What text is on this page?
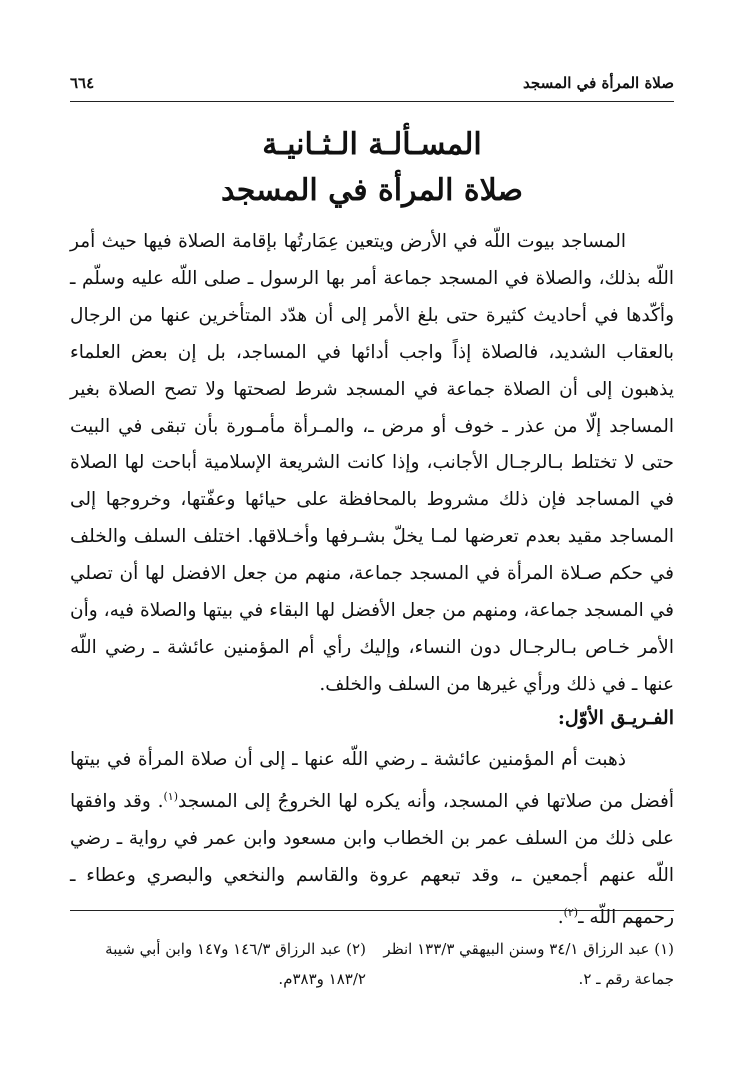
صلاة المرأة في المسجد
٦٦٤
المسـألـة الـثـانيـة
صلاة المرأة في المسجد

المساجد بيوت اللّه في الأرض ويتعين عِمَارتُها بإقامة الصلاة فيها حيث أمر اللّه بذلك، والصلاة في المسجد جماعة أمر بها الرسول ـ صلى اللّه عليه وسلّم ـ وأكّدها في أحاديث كثيرة حتى بلغ الأمر إلى أن هدّد المتأخرين عنها من الرجال بالعقاب الشديد، فالصلاة إذاً واجب أدائها في المساجد، بل إن بعض العلماء يذهبون إلى أن الصلاة جماعة في المسجد شرط لصحتها ولا تصح الصلاة بغير المساجد إلّا من عذر ـ خوف أو مرض ـ، والمـرأة مأمـورة بأن تبقى في البيت حتى لا تختلط بـالرجـال الأجانب، وإذا كانت الشريعة الإسلامية أباحت لها الصلاة في المساجد فإن ذلك مشروط بالمحافظة على حيائها وعفّتها، وخروجها إلى المساجد مقيد بعدم تعرضها لمـا يخلّ بشـرفها وأخـلاقها. اختلف السلف والخلف في حكم صـلاة المرأة في المسجد جماعة، منهم من جعل الافضل لها أن تصلي في المسجد جماعة، ومنهم من جعل الأفضل لها البقاء في بيتها والصلاة فيه، وأن الأمر خـاص بـالرجـال دون النساء، وإليك رأي أم المؤمنين عائشة ـ رضي اللّه عنها ـ في ذلك ورأي غيرها من السلف والخلف.

الفـريـق الأوّل:

ذهبت أم المؤمنين عائشة ـ رضي اللّه عنها ـ إلى أن صلاة المرأة في بيتها أفضل من صلاتها في المسجد، وأنه يكره لها الخروجُ إلى المسجد$^{(١)}$. وقد وافقها على ذلك من السلف عمر بن الخطاب وابن مسعود وابن عمر في رواية ـ رضي اللّه عنهم أجمعين ـ، وقد تبعهم عروة والقاسم والنخعي والبصري وعطاء ـ رحمهم اللّه ـ$^{(٢)}$.

(١) عبد الرزاق ٣٤/١ وسنن البيهقي ١٣٣/٣ انظر جماعة رقم ـ ٢.
(٢) عبد الرزاق ١٤٦/٣ و١٤٧ وابن أبي شيبة ١٨٣/٢ و٣٨٣م.
